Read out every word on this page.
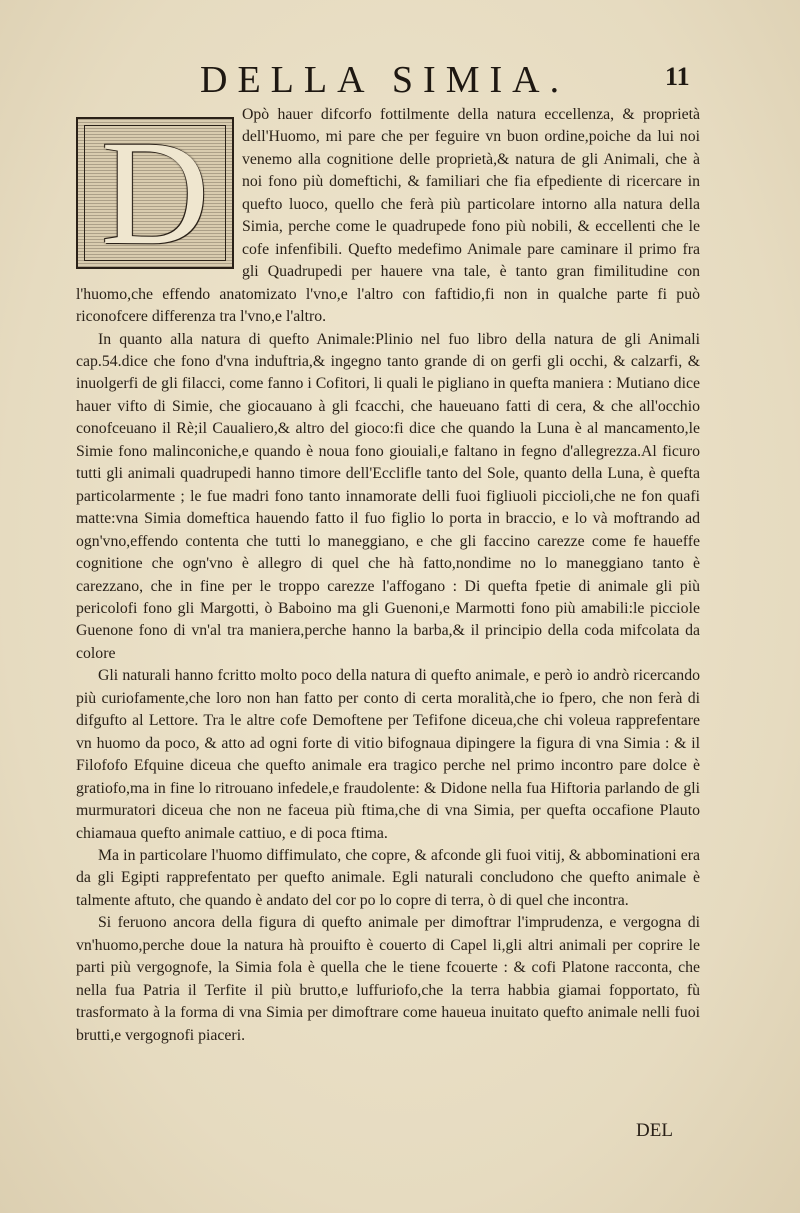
DELLA SIMIA.	11
D	Opò hauer difcorfo fottilmente della natura eccellenza, & proprietà dell'Huomo, mi pare che per feguire vn buon ordine,poiche da lui noi venemo alla cognitione delle proprietà,& natura de gli Animali, che à noi fono più domeftichi, & familiari che fia efpediente di ricercare in quefto luoco, quello che ferà più particolare intorno alla natura della Simia, perche come le quadrupede fono più nobili, & eccellenti che le cofe infenfibili. Quefto medefimo Animale pare caminare il primo fra gli Quadrupedi per hauere vna tale, è tanto gran fimilitudine con l'huomo,che effendo anatomizato l'vno,e l'altro con faftidio,fi non in qualche parte fi può riconofcere differenza tra l'vno,e l'altro.

In quanto alla natura di quefto Animale:Plinio nel fuo libro della natura de gli Animali cap.54.dice che fono d'vna induftria,& ingegno tanto grande di on gerfi gli occhi, & calzarfi, & inuolgerfi de gli filacci, come fanno i Cofitori, li quali le pigliano in quefta maniera : Mutiano dice hauer vifto di Simie, che giocauano à gli fcacchi, che haueuano fatti di cera, & che all'occhio conofceuano il Rè;il Caualiero,& altro del gioco:fi dice che quando la Luna è al mancamento,le Simie fono malinconiche,e quando è noua fono giouiali,e faltano in fegno d'allegrezza.Al ficuro tutti gli animali quadrupedi hanno timore dell'Ecclifle tanto del Sole, quanto della Luna, è quefta particolarmente ; le fue madri fono tanto innamorate delli fuoi figliuoli piccioli,che ne fon quafi matte:vna Simia domeftica hauendo fatto il fuo figlio lo porta in braccio, e lo và moftrando ad ogn'vno,effendo contenta che tutti lo maneggiano, e che gli faccino carezze come fe haueffe cognitione che ogn'vno è allegro di quel che hà fatto,nondime no lo maneggiano tanto è carezzano, che in fine per le troppo carezze l'affogano : Di quefta fpetie di animale gli più pericolofi fono gli Margotti, ò Baboino ma gli Guenoni,e Marmotti fono più amabili:le picciole Guenone fono di vn'al tra maniera,perche hanno la barba,& il principio della coda mifcolata da colore

Gli naturali hanno fcritto molto poco della natura di quefto animale, e però io andrò ricercando più curiofamente,che loro non han fatto per conto di certa moralità,che io fpero, che non ferà di difgufto al Lettore. Tra le altre cofe Demoftene per Tefifone diceua,che chi voleua rapprefentare vn huomo da poco, & atto ad ogni forte di vitio bifognaua dipingere la figura di vna Simia : & il Filofofo Efquine diceua che quefto animale era tragico perche nel primo incontro pare dolce è gratiofo,ma in fine lo ritrouano infedele,e fraudolente: & Didone nella fua Hiftoria parlando de gli murmuratori diceua che non ne faceua più ftima,che di vna Simia, per quefta occafione Plauto chiamaua quefto animale cattiuo, e di poca ftima.

Ma in particolare l'huomo diffimulato, che copre, & afconde gli fuoi vitij, & abbominationi era da gli Egipti rapprefentato per quefto animale. Egli naturali concludono che quefto animale è talmente aftuto, che quando è andato del cor po lo copre di terra, ò di quel che incontra.

Si feruono ancora della figura di quefto animale per dimoftrar l'imprudenza, e vergogna di vn'huomo,perche doue la natura hà prouifto è couerto di Capel li,gli altri animali per coprire le parti più vergognofe, la Simia fola è quella che le tiene fcouerte : & cofi Platone racconta, che nella fua Patria il Terfite il più brutto,e luffuriofo,che la terra habbia giamai fopportato, fù trasformato à la forma di vna Simia per dimoftrare come haueua inuitato quefto animale nelli fuoi brutti,e vergognofi piaceri.

DEL
